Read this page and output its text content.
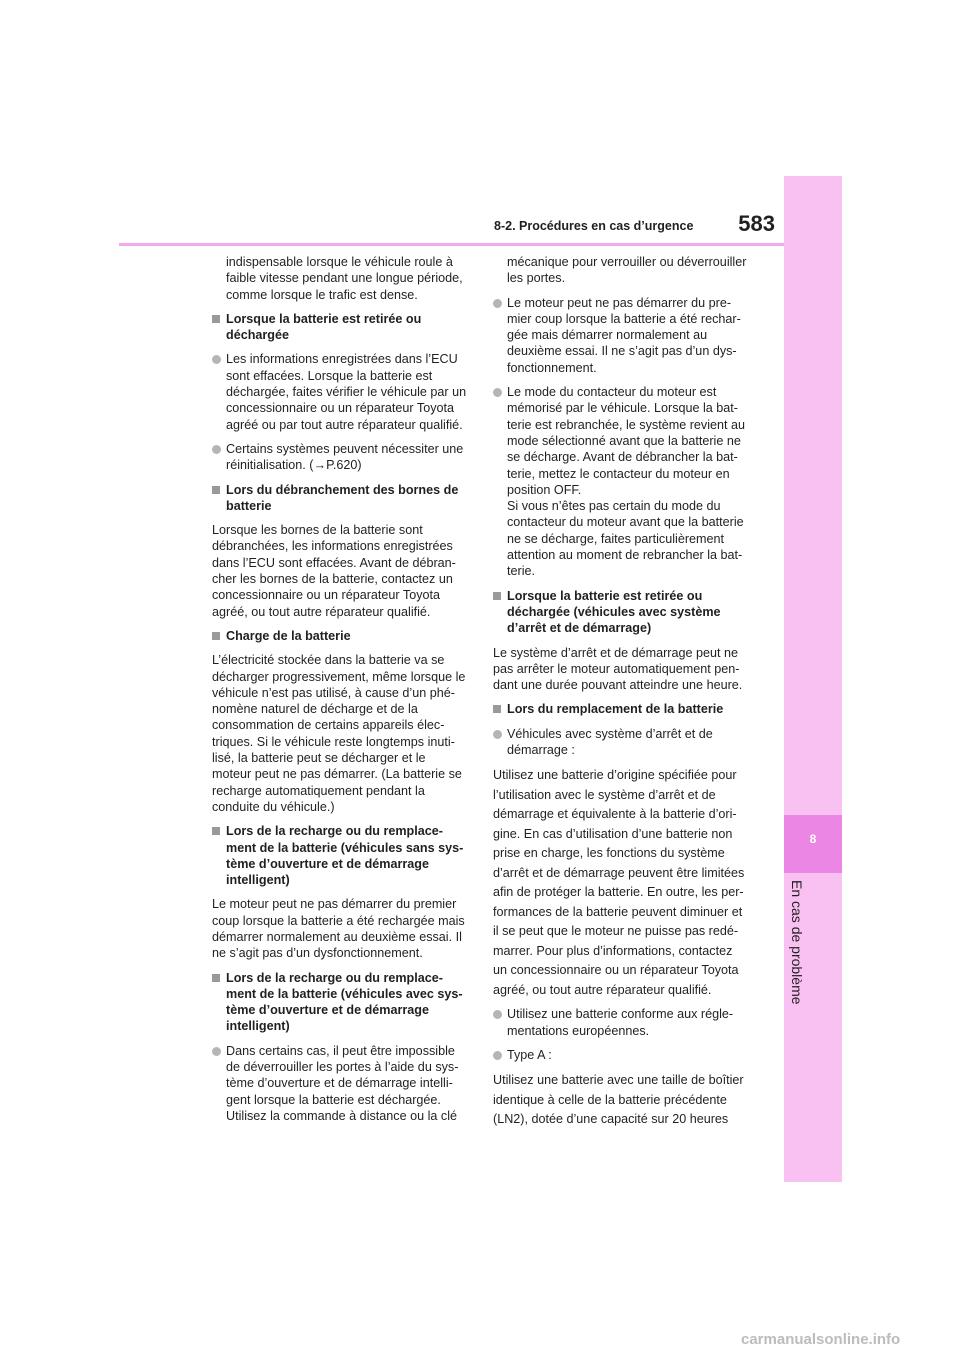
8
En cas de problème
8-2. Procédures en cas d’urgence	583
indispensable lorsque le véhicule roule à
faible vitesse pendant une longue période,
comme lorsque le trafic est dense.
Lorsque la batterie est retirée ou
déchargée
Les informations enregistrées dans l’ECU
sont effacées. Lorsque la batterie est
déchargée, faites vérifier le véhicule par un
concessionnaire ou un réparateur Toyota
agréé ou par tout autre réparateur qualifié.
Certains systèmes peuvent nécessiter une
réinitialisation. (→P.620)
Lors du débranchement des bornes de
batterie
Lorsque les bornes de la batterie sont
débranchées, les informations enregistrées
dans l’ECU sont effacées. Avant de débran-
cher les bornes de la batterie, contactez un
concessionnaire ou un réparateur Toyota
agréé, ou tout autre réparateur qualifié.
Charge de la batterie
L’électricité stockée dans la batterie va se
décharger progressivement, même lorsque le
véhicule n’est pas utilisé, à cause d’un phé-
nomène naturel de décharge et de la
consommation de certains appareils élec-
triques. Si le véhicule reste longtemps inuti-
lisé, la batterie peut se décharger et le
moteur peut ne pas démarrer. (La batterie se
recharge automatiquement pendant la
conduite du véhicule.)
Lors de la recharge ou du remplace-
ment de la batterie (véhicules sans sys-
tème d’ouverture et de démarrage
intelligent)
Le moteur peut ne pas démarrer du premier
coup lorsque la batterie a été rechargée mais
démarrer normalement au deuxième essai. Il
ne s’agit pas d’un dysfonctionnement.
Lors de la recharge ou du remplace-
ment de la batterie (véhicules avec sys-
tème d’ouverture et de démarrage
intelligent)
Dans certains cas, il peut être impossible
de déverrouiller les portes à l’aide du sys-
tème d’ouverture et de démarrage intelli-
gent lorsque la batterie est déchargée.
Utilisez la commande à distance ou la clé
mécanique pour verrouiller ou déverrouiller
les portes.
Le moteur peut ne pas démarrer du pre-
mier coup lorsque la batterie a été rechar-
gée mais démarrer normalement au
deuxième essai. Il ne s’agit pas d’un dys-
fonctionnement.
Le mode du contacteur du moteur est
mémorisé par le véhicule. Lorsque la bat-
terie est rebranchée, le système revient au
mode sélectionné avant que la batterie ne
se décharge. Avant de débrancher la bat-
terie, mettez le contacteur du moteur en
position OFF.
Si vous n’êtes pas certain du mode du
contacteur du moteur avant que la batterie
ne se décharge, faites particulièrement
attention au moment de rebrancher la bat-
terie.
Lorsque la batterie est retirée ou
déchargée (véhicules avec système
d’arrêt et de démarrage)
Le système d’arrêt et de démarrage peut ne
pas arrêter le moteur automatiquement pen-
dant une durée pouvant atteindre une heure.
Lors du remplacement de la batterie
Véhicules avec système d’arrêt et de
démarrage :
Utilisez une batterie d’origine spécifiée pour
l’utilisation avec le système d’arrêt et de
démarrage et équivalente à la batterie d’ori-
gine. En cas d’utilisation d’une batterie non
prise en charge, les fonctions du système
d’arrêt et de démarrage peuvent être limitées
afin de protéger la batterie. En outre, les per-
formances de la batterie peuvent diminuer et
il se peut que le moteur ne puisse pas redé-
marrer. Pour plus d’informations, contactez
un concessionnaire ou un réparateur Toyota
agréé, ou tout autre réparateur qualifié.
Utilisez une batterie conforme aux régle-
mentations européennes.
Type A :
Utilisez une batterie avec une taille de boîtier
identique à celle de la batterie précédente
(LN2), dotée d’une capacité sur 20 heures
carmanualsonline.info
